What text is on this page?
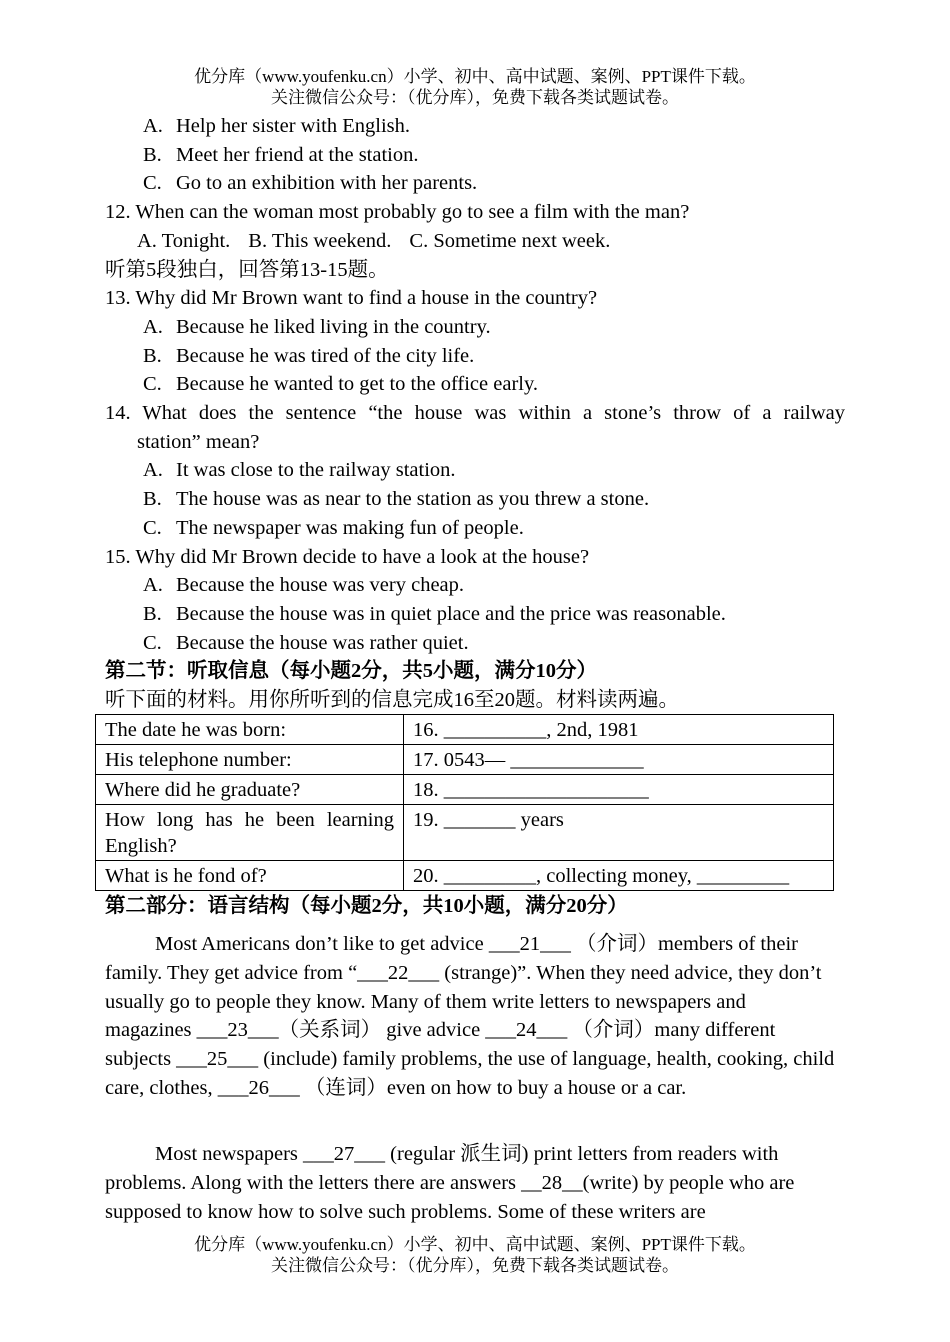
优分库（www.youfenku.cn）小学、初中、高中试题、案例、PPT课件下载。
关注微信公众号：（优分库），免费下载各类试题试卷。
A. Help her sister with English.
B. Meet her friend at the station.
C. Go to an exhibition with her parents.
12. When can the woman most probably go to see a film with the man?
A. Tonight. B. This weekend. C. Sometime next week.
听第5段独白，回答第13-15题。
13. Why did Mr Brown want to find a house in the country?
A. Because he liked living in the country.
B. Because he was tired of the city life.
C. Because he wanted to get to the office early.
14. What does the sentence “the house was within a stone’s throw of a railway
station” mean?
A. It was close to the railway station.
B. The house was as near to the station as you threw a stone.
C. The newspaper was making fun of people.
15. Why did Mr Brown decide to have a look at the house?
A. Because the house was very cheap.
B. Because the house was in quiet place and the price was reasonable.
C. Because the house was rather quiet.
第二节：听取信息（每小题2分，共5小题，满分10分）
听下面的材料。用你所听到的信息完成16至20题。材料读两遍。
The date he was born:	16. __________, 2nd, 1981
His telephone number:	17. 0543— _____________
Where did he graduate?	18. ____________________
How long has he been learning English?	19. _______ years
What is he fond of?	20. _________, collecting money, _________
第二部分：语言结构（每小题2分，共10小题，满分20分）

Most Americans don’t like to get advice ___21___ （介词）members of their family. They get advice from “___22___ (strange)”. When they need advice, they don’t usually go to people they know. Many of them write letters to newspapers and magazines ___23___（关系词） give advice ___24___ （介词）many different subjects ___25___ (include) family problems, the use of language, health, cooking, child care, clothes, ___26___ （连词）even on how to buy a house or a car.

Most newspapers ___27___ (regular 派生词) print letters from readers with problems. Along with the letters there are answers __28__(write) by people who are supposed to know how to solve such problems. Some of these writers are

优分库（www.youfenku.cn）小学、初中、高中试题、案例、PPT课件下载。
关注微信公众号：（优分库），免费下载各类试题试卷。
